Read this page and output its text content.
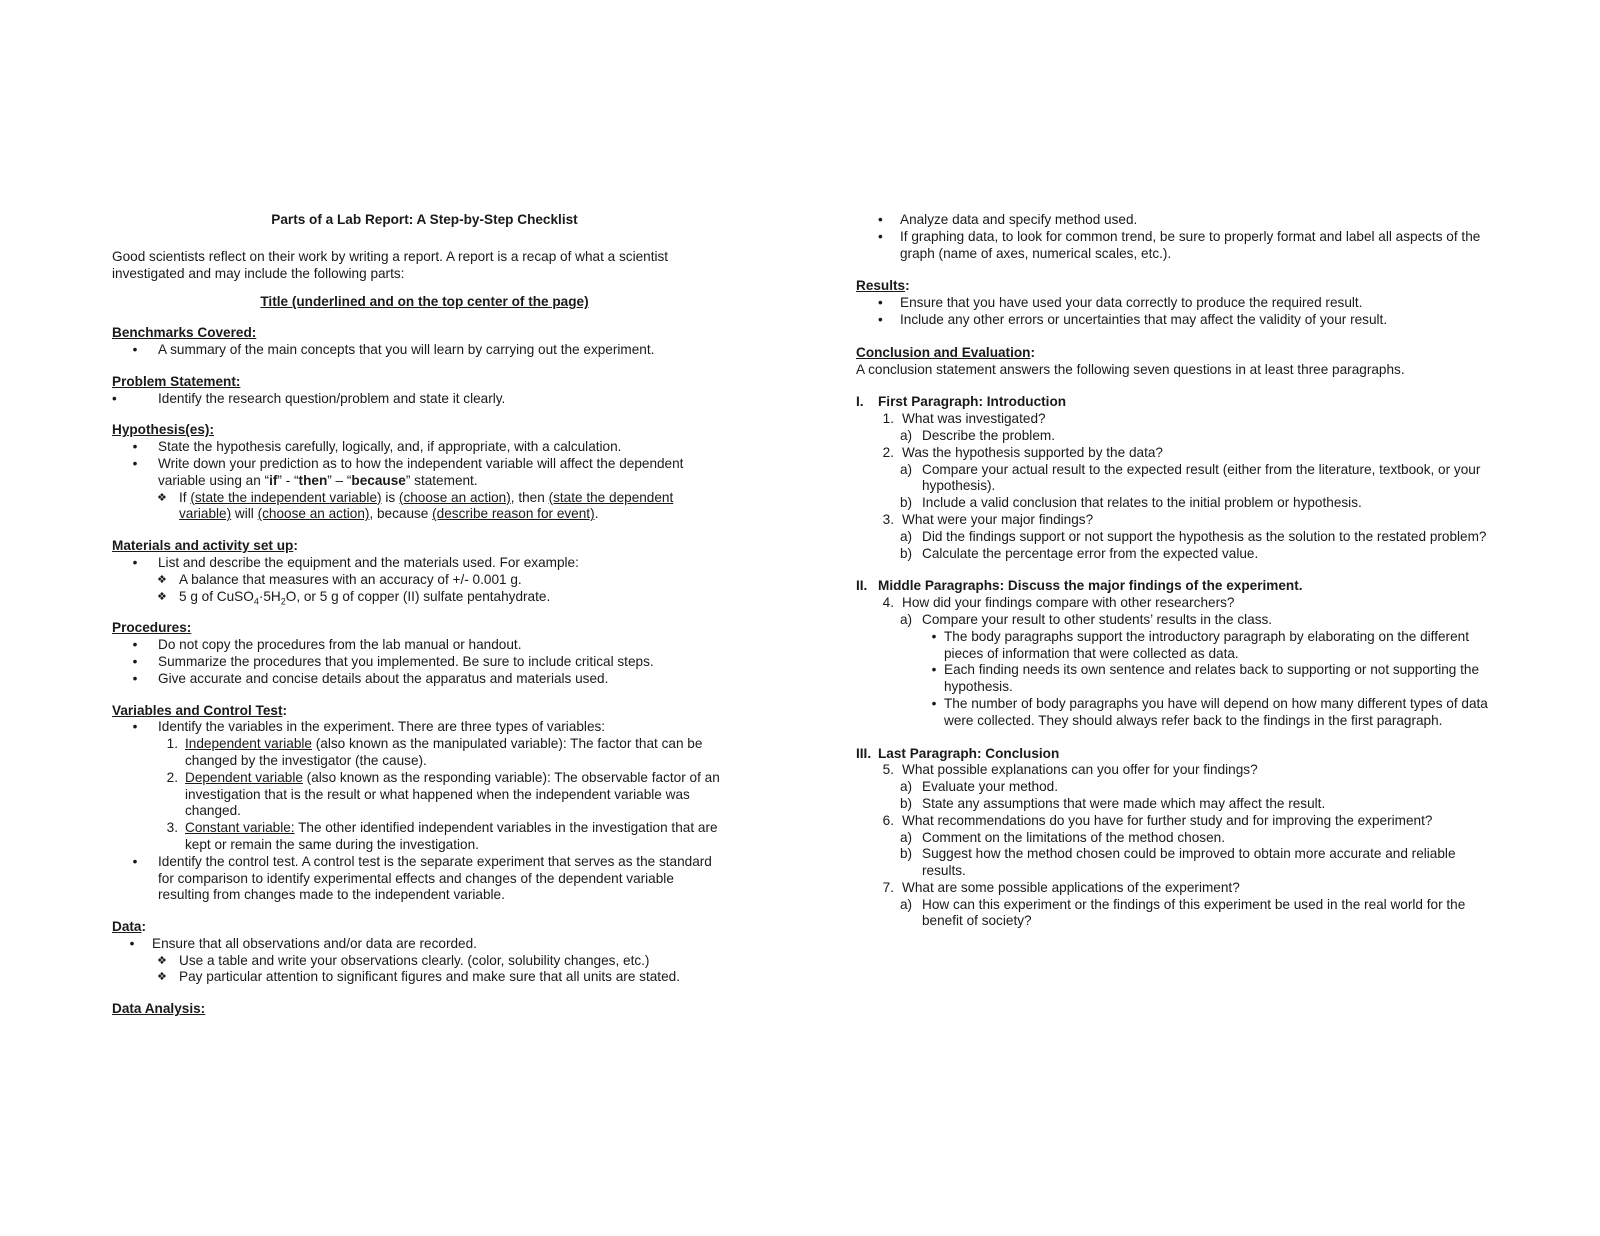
Parts of a Lab Report: A Step-by-Step Checklist

Good scientists reflect on their work by writing a report. A report is a recap of what a scientist investigated and may include the following parts:

Title (underlined and on the top center of the page)

Benchmarks Covered:

•	A summary of the main concepts that you will learn by carrying out the experiment.

Problem Statement:

•	Identify the research question/problem and state it clearly.

Hypothesis(es):

•	State the hypothesis carefully, logically, and, if appropriate, with a calculation.
•	Write down your prediction as to how the independent variable will affect the dependent variable using an “if” - “then” – “because” statement.
❖ If (state the independent variable) is (choose an action), then (state the dependent variable) will (choose an action), because (describe reason for event).

Materials and activity set up:

•	List and describe the equipment and the materials used. For example:
❖ A balance that measures with an accuracy of +/- 0.001 g.
❖ 5 g of $CuSO_4\cdot 5H_2O$, or 5 g of copper (II) sulfate pentahydrate.

Procedures:

•	Do not copy the procedures from the lab manual or handout.
•	Summarize the procedures that you implemented. Be sure to include critical steps.
•	Give accurate and concise details about the apparatus and materials used.

Variables and Control Test:

•	Identify the variables in the experiment. There are three types of variables:
1. Independent variable (also known as the manipulated variable): The factor that can be changed by the investigator (the cause).
2. Dependent variable (also known as the responding variable): The observable factor of an investigation that is the result or what happened when the independent variable was changed.
3. Constant variable: The other identified independent variables in the investigation that are kept or remain the same during the investigation.
•	Identify the control test. A control test is the separate experiment that serves as the standard for comparison to identify experimental effects and changes of the dependent variable resulting from changes made to the independent variable.

Data:

•	Ensure that all observations and/or data are recorded.
❖ Use a table and write your observations clearly. (color, solubility changes, etc.)
❖ Pay particular attention to significant figures and make sure that all units are stated.

Data Analysis:

•	Analyze data and specify method used.
•	If graphing data, to look for common trend, be sure to properly format and label all aspects of the graph (name of axes, numerical scales, etc.).

Results:

•	Ensure that you have used your data correctly to produce the required result.
•	Include any other errors or uncertainties that may affect the validity of your result.

Conclusion and Evaluation:

A conclusion statement answers the following seven questions in at least three paragraphs.

I.	First Paragraph: Introduction
1. What was investigated?
a) Describe the problem.
2. Was the hypothesis supported by the data?
a) Compare your actual result to the expected result (either from the literature, textbook, or your hypothesis).
b) Include a valid conclusion that relates to the initial problem or hypothesis.
3. What were your major findings?
a) Did the findings support or not support the hypothesis as the solution to the restated problem?
b) Calculate the percentage error from the expected value.
II. Middle Paragraphs: Discuss the major findings of the experiment.
4. How did your findings compare with other researchers?
a) Compare your result to other students’ results in the class.
• The body paragraphs support the introductory paragraph by elaborating on the different pieces of information that were collected as data.
• Each finding needs its own sentence and relates back to supporting or not supporting the hypothesis.
• The number of body paragraphs you have will depend on how many different types of data were collected. They should always refer back to the findings in the first paragraph.
III. Last Paragraph: Conclusion
5. What possible explanations can you offer for your findings?
a) Evaluate your method.
b) State any assumptions that were made which may affect the result.
6. What recommendations do you have for further study and for improving the experiment?
a) Comment on the limitations of the method chosen.
b) Suggest how the method chosen could be improved to obtain more accurate and reliable results.
7. What are some possible applications of the experiment?
a) How can this experiment or the findings of this experiment be used in the real world for the benefit of society?
